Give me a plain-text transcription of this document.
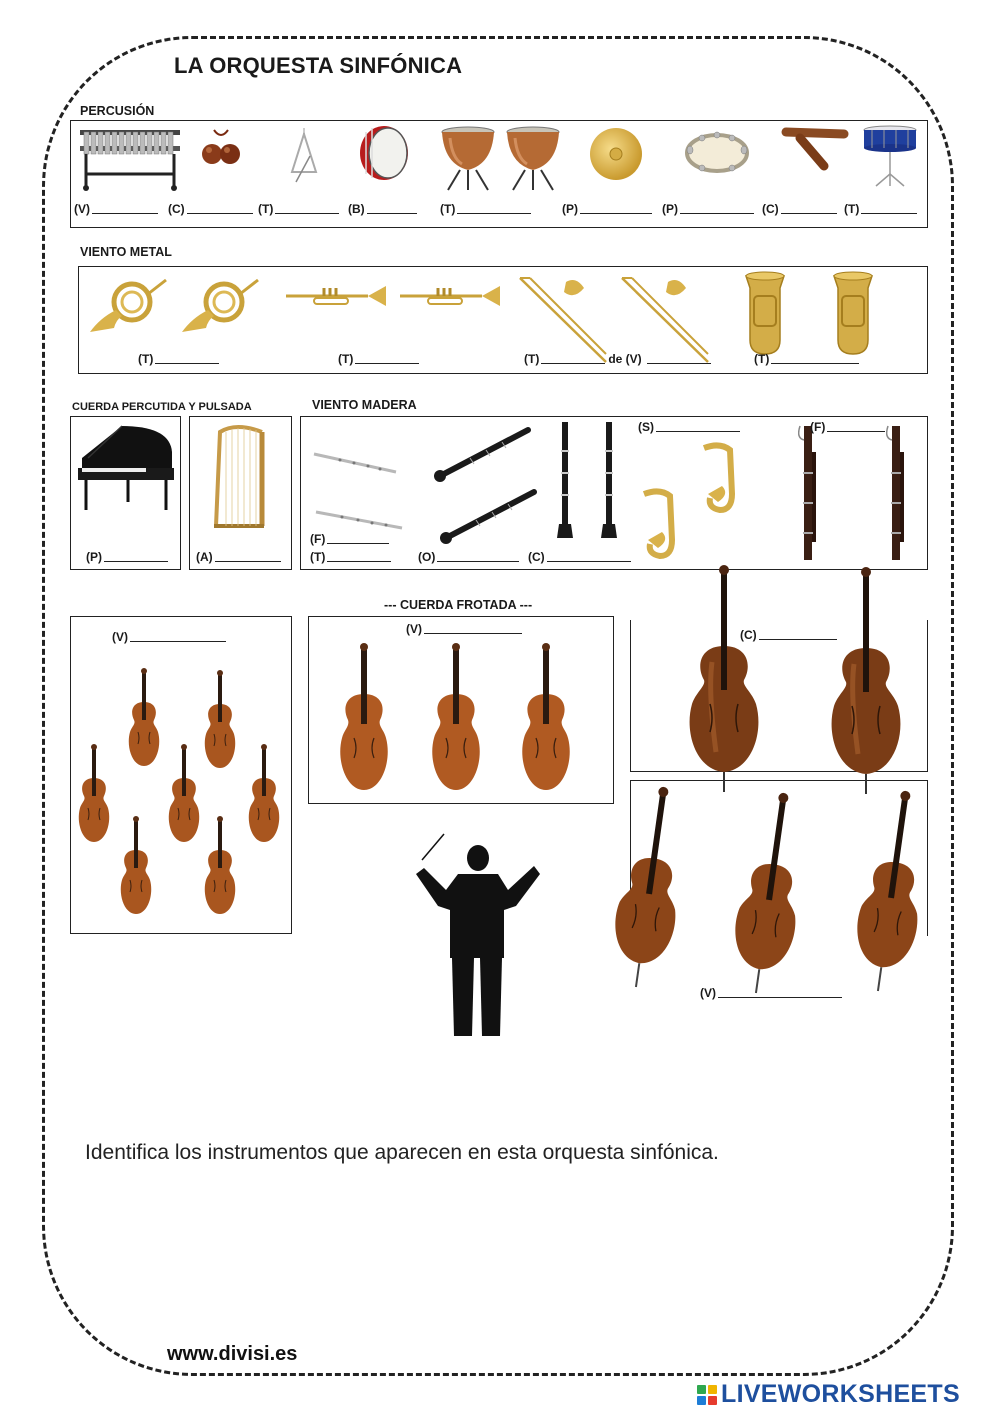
LA ORQUESTA SINFÓNICA
PERCUSIÓN
(V)	(C)	(T)	(B)	(T)	(P)	(P)	(C)	(T)
VIENTO METAL
(T)	(T)	(T)	de (V)	(T)
CUERDA PERCUTIDA Y PULSADA
(P)	(A)
VIENTO MADERA
(S)	(F)
(F)
(T)	(O)	(C)
--- CUERDA FROTADA ---
(V)
(V)	(C)
(V)
Identifica los instrumentos que aparecen en esta orquesta sinfónica.
www.divisi.es
LIVEWORKSHEETS
